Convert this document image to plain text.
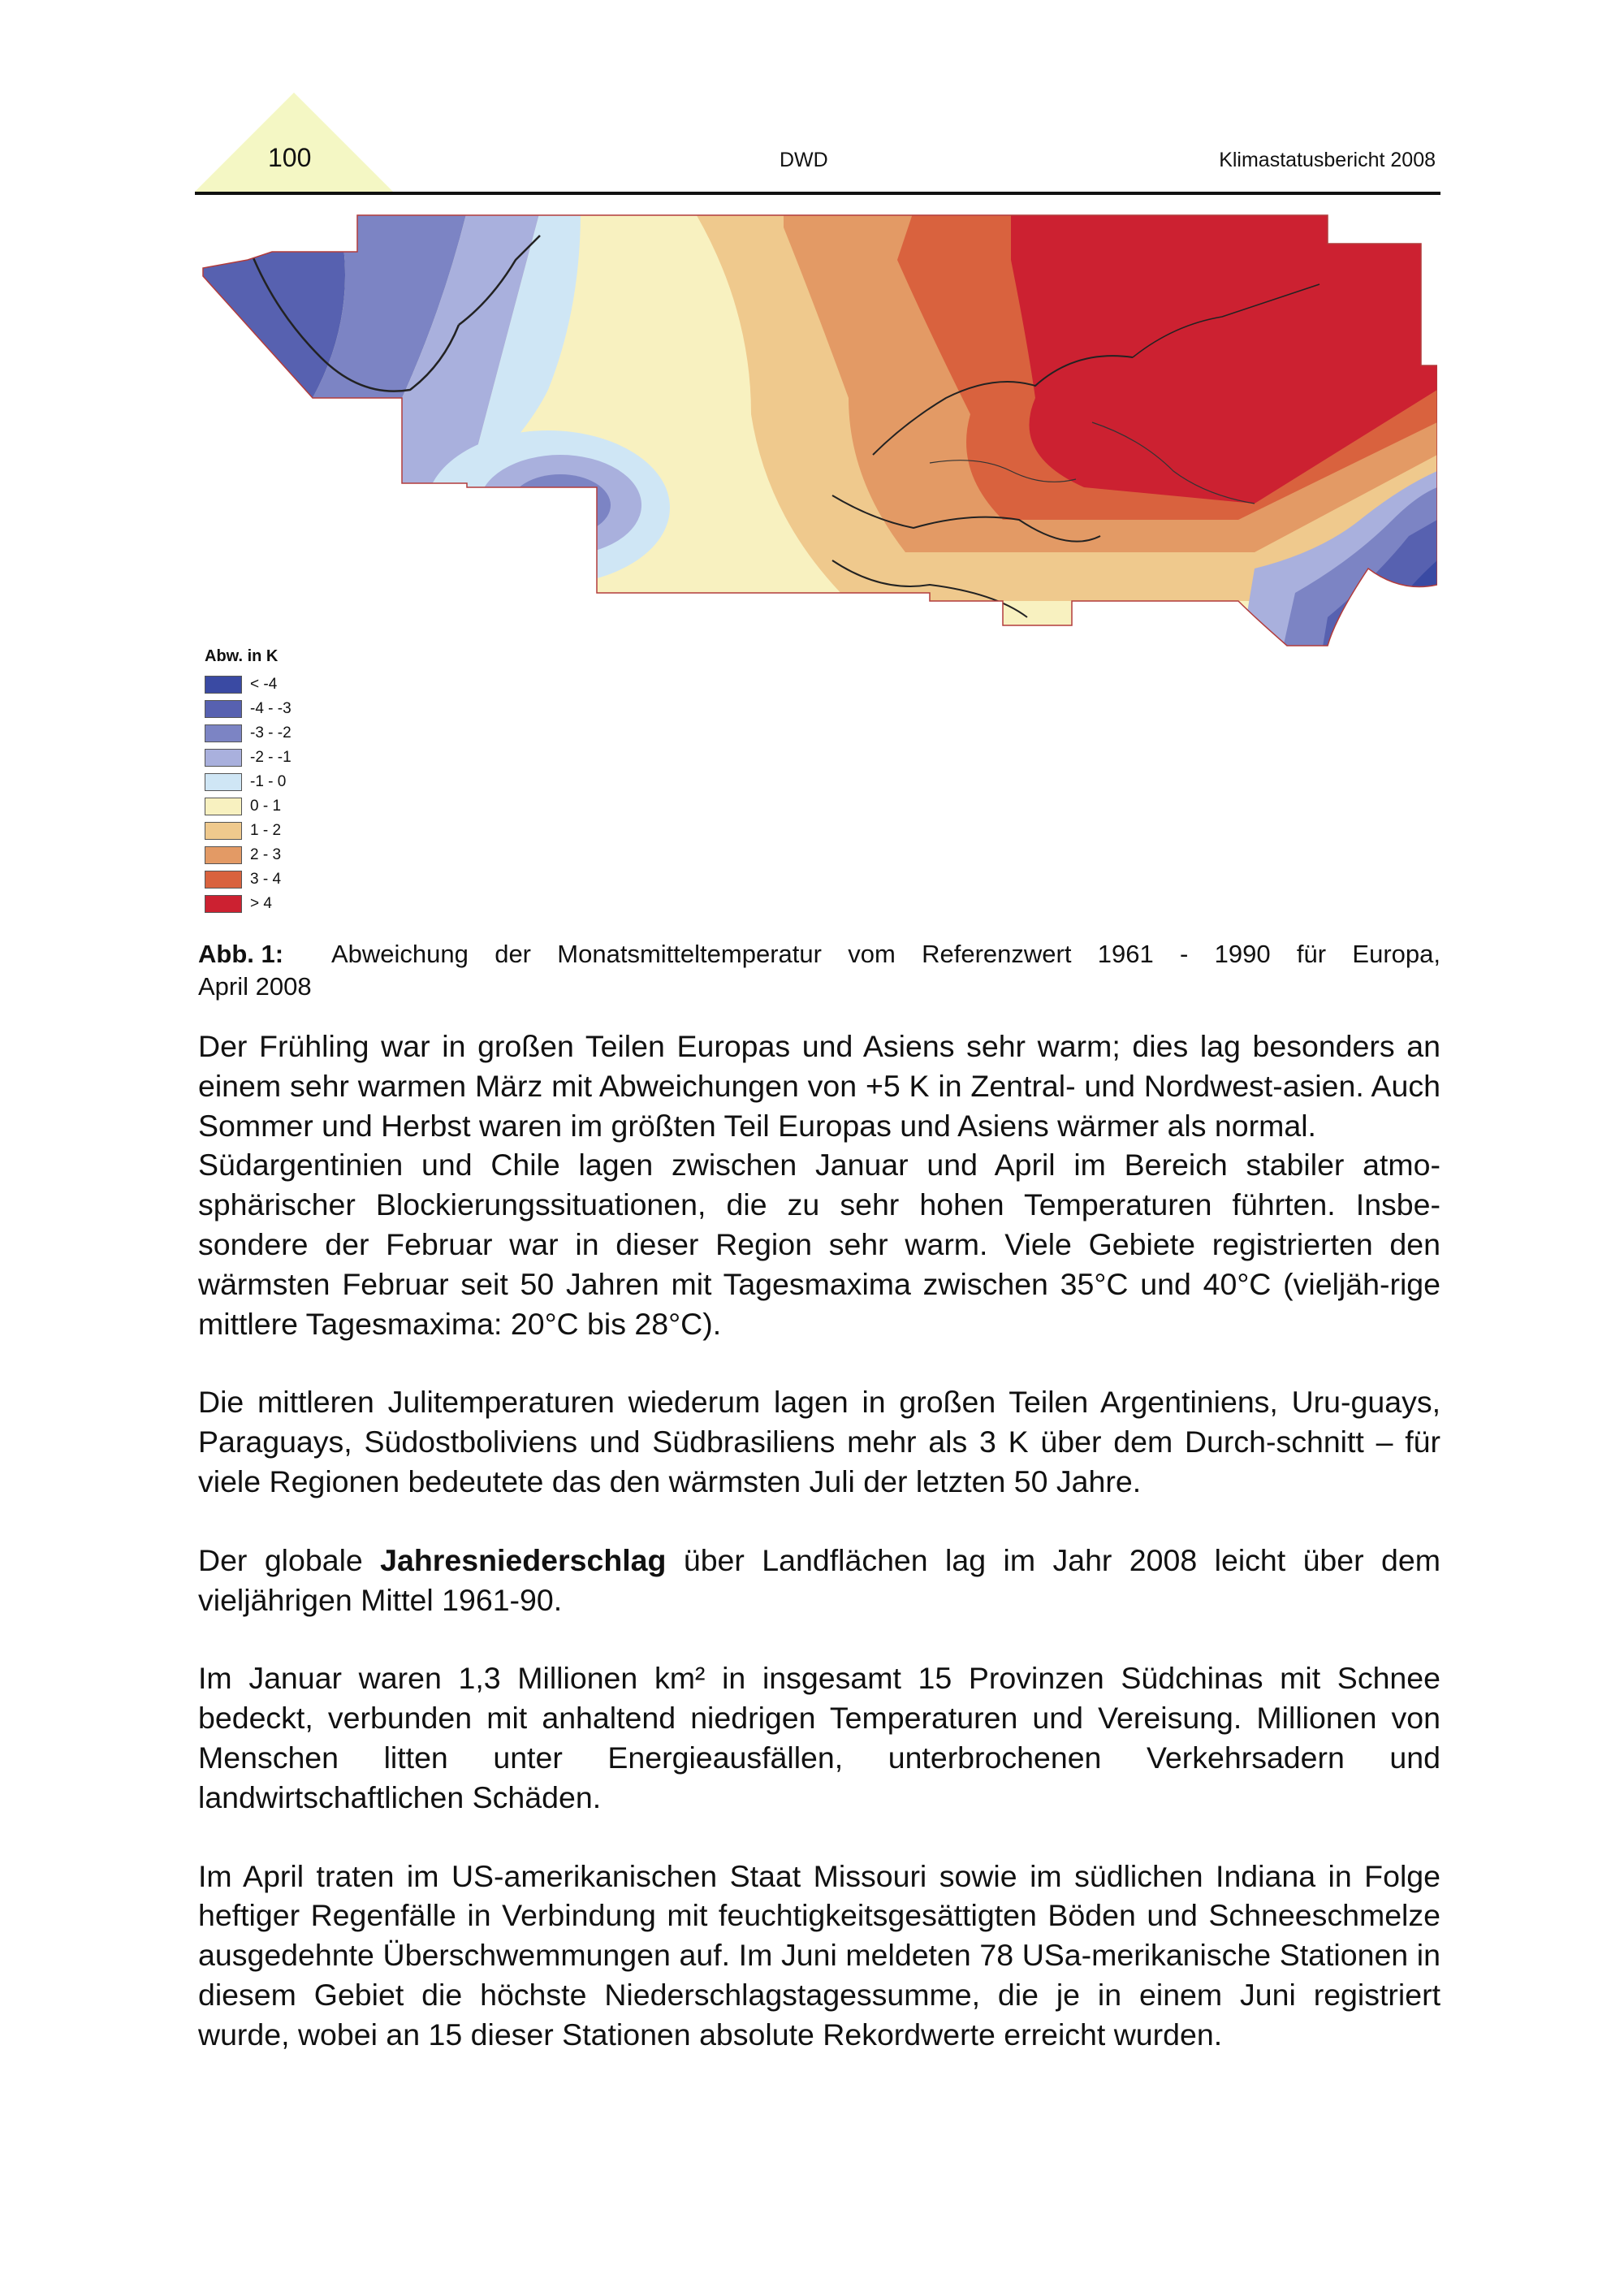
100	DWD	Klimastatusbericht 2008
Abw. in K
< -4
-4 - -3
-3 - -2
-2 - -1
-1 - 0
0 - 1
1 - 2
2 - 3
3 - 4
> 4
Abb. 1:	Abweichung der Monatsmitteltemperatur vom Referenzwert 1961 - 1990 für Europa,
April 2008

Der Frühling war in großen Teilen Europas und Asiens sehr warm; dies lag besonders an einem sehr warmen März mit Abweichungen von +5 K in Zentral- und Nordwest-asien. Auch Sommer und Herbst waren im größten Teil Europas und Asiens wärmer als normal.

Südargentinien und Chile lagen zwischen Januar und April im Bereich stabiler atmo-sphärischer Blockierungssituationen, die zu sehr hohen Temperaturen führten. Insbe-sondere der Februar war in dieser Region sehr warm. Viele Gebiete registrierten den wärmsten Februar seit 50 Jahren mit Tagesmaxima zwischen 35°C und 40°C (vieljäh-rige mittlere Tagesmaxima: 20°C bis 28°C).

Die mittleren Julitemperaturen wiederum lagen in großen Teilen Argentiniens, Uru-guays, Paraguays, Südostboliviens und Südbrasiliens mehr als 3 K über dem Durch-schnitt – für viele Regionen bedeutete das den wärmsten Juli der letzten 50 Jahre.

Der globale Jahresniederschlag über Landflächen lag im Jahr 2008 leicht über dem vieljährigen Mittel 1961-90.

Im Januar waren 1,3 Millionen km² in insgesamt 15 Provinzen Südchinas mit Schnee bedeckt, verbunden mit anhaltend niedrigen Temperaturen und Vereisung. Millionen von Menschen litten unter Energieausfällen, unterbrochenen Verkehrsadern und landwirtschaftlichen Schäden.

Im April traten im US-amerikanischen Staat Missouri sowie im südlichen Indiana in Folge heftiger Regenfälle in Verbindung mit feuchtigkeitsgesättigten Böden und Schneeschmelze ausgedehnte Überschwemmungen auf. Im Juni meldeten 78 USa-merikanische Stationen in diesem Gebiet die höchste Niederschlagstagessumme, die je in einem Juni registriert wurde, wobei an 15 dieser Stationen absolute Rekordwerte erreicht wurden.
